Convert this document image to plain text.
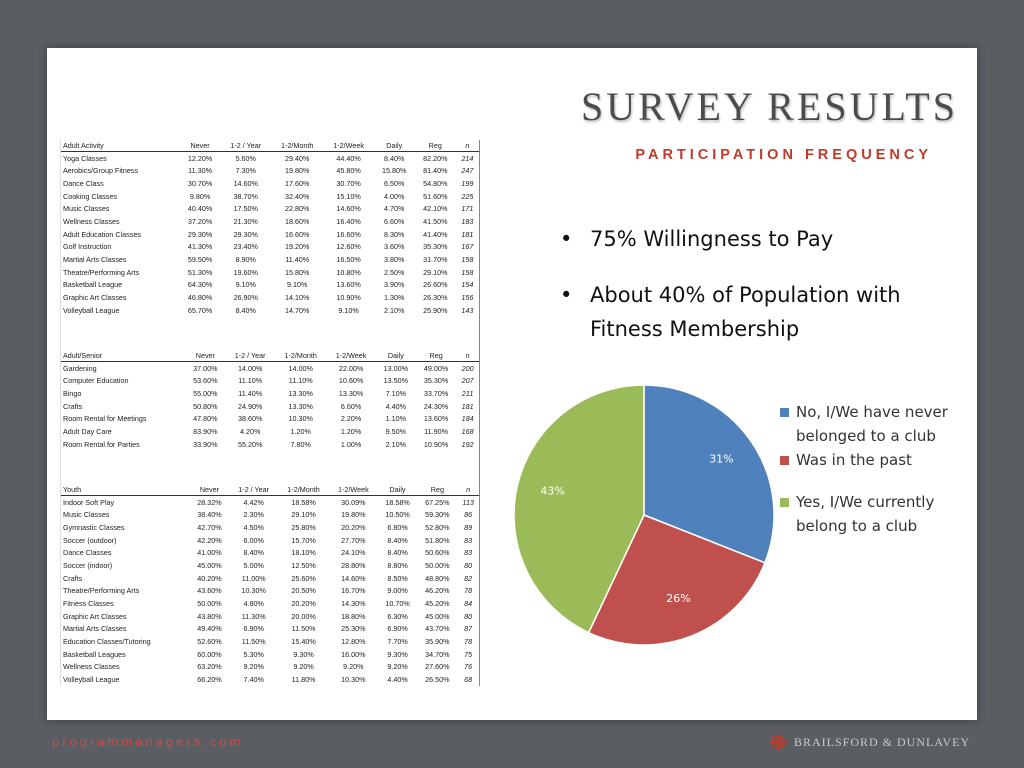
SURVEY RESULTS
PARTICIPATION FREQUENCY
Adult Activity	Never	1-2 / Year	1-2/Month	1-2/Week	Daily	Reg	n
Yoga Classes	12.20%	5.60%	29.40%	44.40%	8.40%	82.20%	214
Aerobics/Group Fitness	11.30%	7.30%	19.80%	45.80%	15.80%	81.40%	247
Dance Class	30.70%	14.60%	17.60%	30.70%	6.50%	54.80%	199
Cooking Classes	9.80%	38.70%	32.40%	15.10%	4.00%	51.60%	225
Music Classes	40.40%	17.50%	22.80%	14.60%	4.70%	42.10%	171
Wellness Classes	37.20%	21.30%	18.60%	16.40%	6.60%	41.50%	183
Adult Education Classes	29.30%	29.30%	16.60%	16.60%	8.30%	41.40%	181
Golf Instruction	41.30%	23.40%	19.20%	12.60%	3.60%	35.30%	167
Martial Arts Classes	59.50%	8.90%	11.40%	16.50%	3.80%	31.70%	158
Theatre/Performing Arts	51.30%	19.60%	15.80%	10.80%	2.50%	29.10%	158
Basketball League	64.30%	9.10%	9.10%	13.60%	3.90%	26.60%	154
Graphic Art Classes	46.80%	26.90%	14.10%	10.90%	1.30%	26.30%	156
Volleyball League	65.70%	8.40%	14.70%	9.10%	2.10%	25.90%	143
Adult/Senior	Never	1-2 / Year	1-2/Month	1-2/Week	Daily	Reg	n
Gardening	37.00%	14.00%	14.00%	22.00%	13.00%	49.00%	200
Computer Education	53.60%	11.10%	11.10%	10.60%	13.50%	35.30%	207
Bingo	55.00%	11.40%	13.30%	13.30%	7.10%	33.70%	211
Crafts	50.80%	24.90%	13.30%	6.60%	4.40%	24.30%	181
Room Rental for Meetings	47.80%	38.60%	10.30%	2.20%	1.10%	13.60%	184
Adult Day Care	83.90%	4.20%	1.20%	1.20%	9.50%	11.90%	168
Room Rental for Parties	33.90%	55.20%	7.80%	1.00%	2.10%	10.90%	192
Youth	Never	1-2 / Year	1-2/Month	1-2/Week	Daily	Reg	n
Indoor Soft Play	28.32%	4.42%	18.58%	30.09%	18.58%	67.25%	113
Music Classes	38.40%	2.30%	29.10%	19.80%	10.50%	59.30%	86
Gymnastic Classes	42.70%	4.50%	25.80%	20.20%	6.80%	52.80%	89
Soccer (outdoor)	42.20%	6.00%	15.70%	27.70%	8.40%	51.80%	83
Dance Classes	41.00%	8.40%	18.10%	24.10%	8.40%	50.60%	83
Soccer (indoor)	45.00%	5.00%	12.50%	28.80%	8.80%	50.00%	80
Crafts	40.20%	11.00%	25.60%	14.60%	8.50%	48.80%	82
Theatre/Performing Arts	43.60%	10.30%	20.50%	16.70%	9.00%	46.20%	78
Fitness Classes	50.00%	4.80%	20.20%	14.30%	10.70%	45.20%	84
Graphic Art Classes	43.80%	11.30%	20.00%	18.80%	6.30%	45.00%	80
Martial Arts Classes	49.40%	6.90%	11.50%	25.30%	6.90%	43.70%	87
Education Classes/Tutoring	52.60%	11.50%	15.40%	12.80%	7.70%	35.90%	78
Basketball Leagues	60.00%	5.30%	9.30%	16.00%	9.30%	34.70%	75
Wellness Classes	63.20%	9.20%	9.20%	9.20%	9.20%	27.60%	76
Volleyball League	66.20%	7.40%	11.80%	10.30%	4.40%	26.50%	68
• 75% Willingness to Pay
• About 40% of Population with Fitness Membership
31%
26%
43%
No, I/We have never belonged to a club
Was in the past
Yes, I/We currently belong to a club
programmanagers.com	BRAILSFORD & DUNLAVEY
